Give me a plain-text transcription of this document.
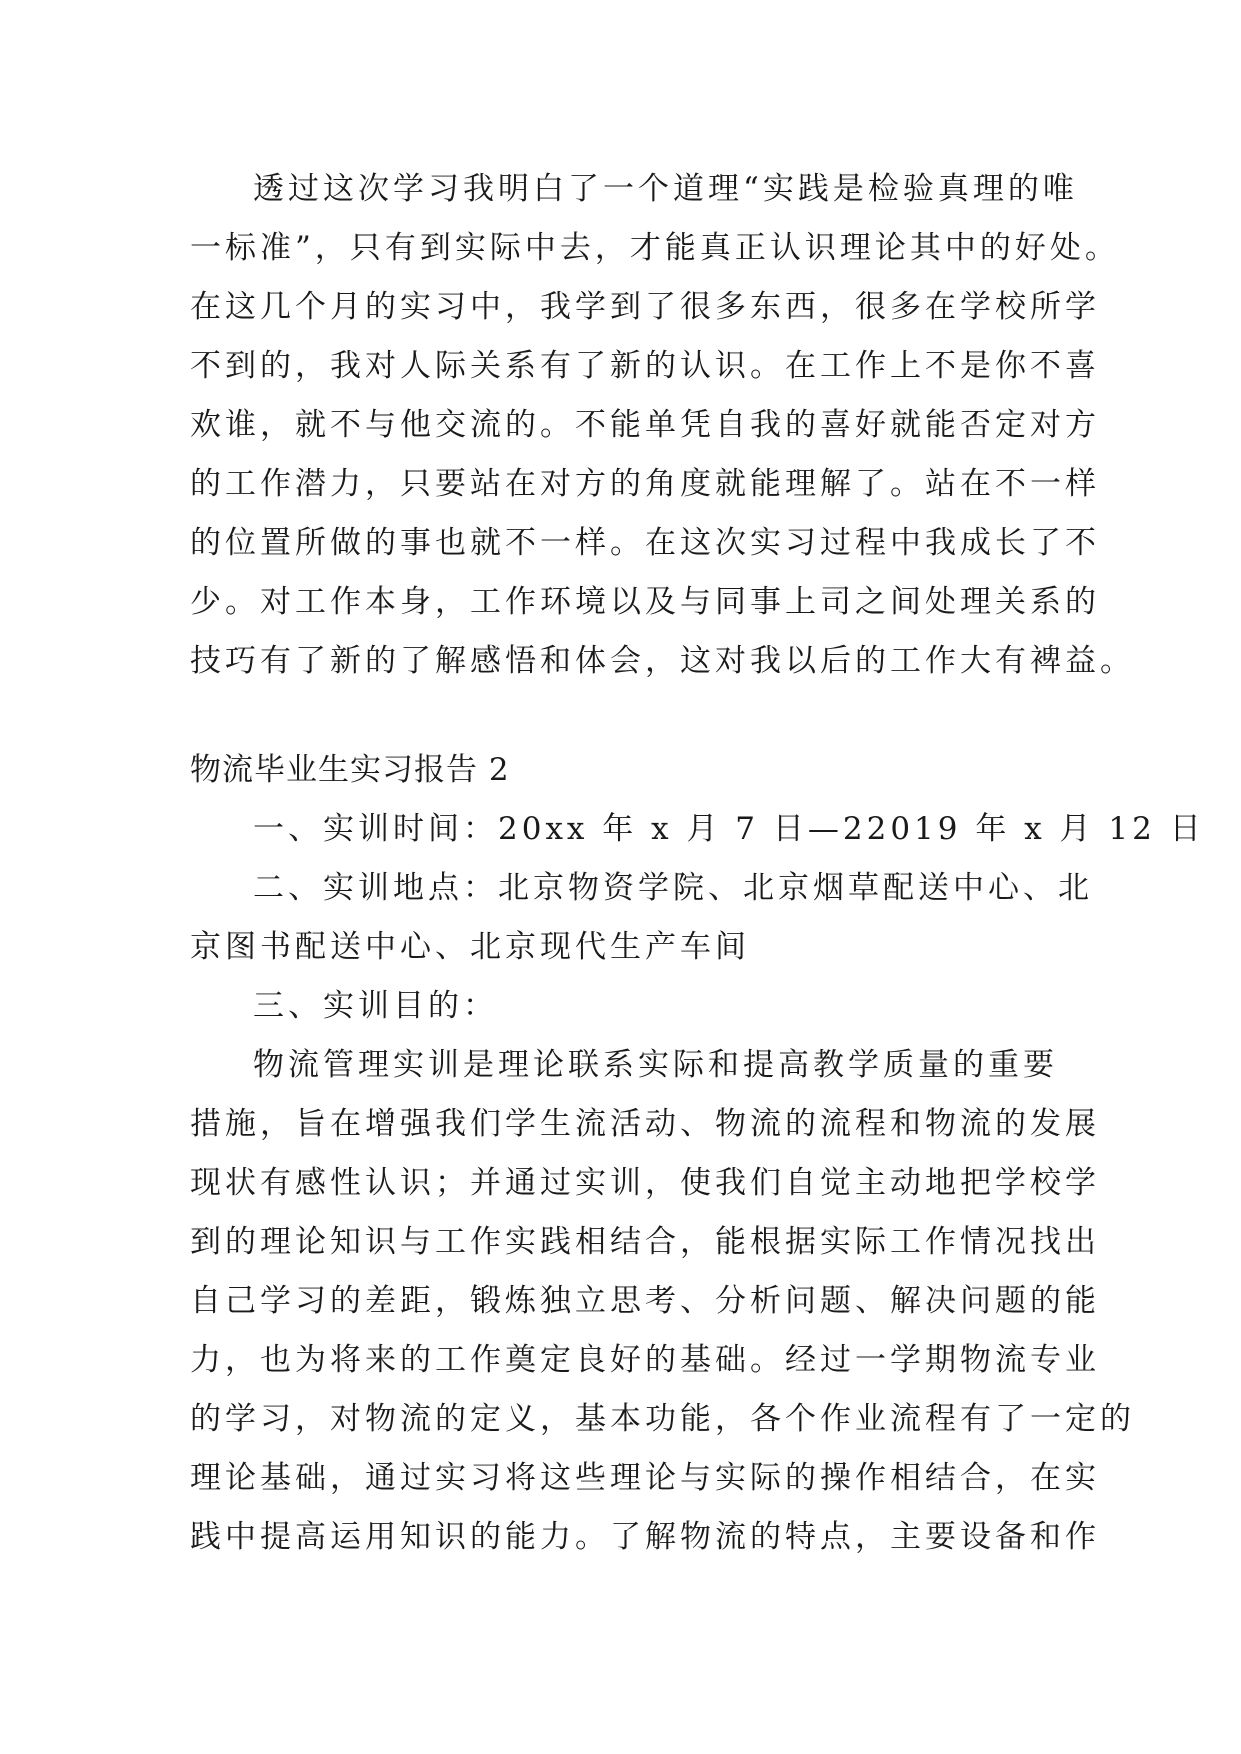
透过这次学习我明白了一个道理“实践是检验真理的唯
一标准”，只有到实际中去，才能真正认识理论其中的好处。
在这几个月的实习中，我学到了很多东西，很多在学校所学
不到的，我对人际关系有了新的认识。在工作上不是你不喜
欢谁，就不与他交流的。不能单凭自我的喜好就能否定对方
的工作潜力，只要站在对方的角度就能理解了。站在不一样
的位置所做的事也就不一样。在这次实习过程中我成长了不
少。对工作本身，工作环境以及与同事上司之间处理关系的
技巧有了新的了解感悟和体会，这对我以后的工作大有裨益。
物流毕业生实习报告 2
一、实训时间：20xx 年 x 月 7 日—22019 年 x 月 12 日
二、实训地点：北京物资学院、北京烟草配送中心、北
京图书配送中心、北京现代生产车间
三、实训目的：
物流管理实训是理论联系实际和提高教学质量的重要
措施，旨在增强我们学生流活动、物流的流程和物流的发展
现状有感性认识；并通过实训，使我们自觉主动地把学校学
到的理论知识与工作实践相结合，能根据实际工作情况找出
自己学习的差距，锻炼独立思考、分析问题、解决问题的能
力，也为将来的工作奠定良好的基础。经过一学期物流专业
的学习，对物流的定义，基本功能，各个作业流程有了一定的
理论基础，通过实习将这些理论与实际的操作相结合，在实
践中提高运用知识的能力。了解物流的特点，主要设备和作
